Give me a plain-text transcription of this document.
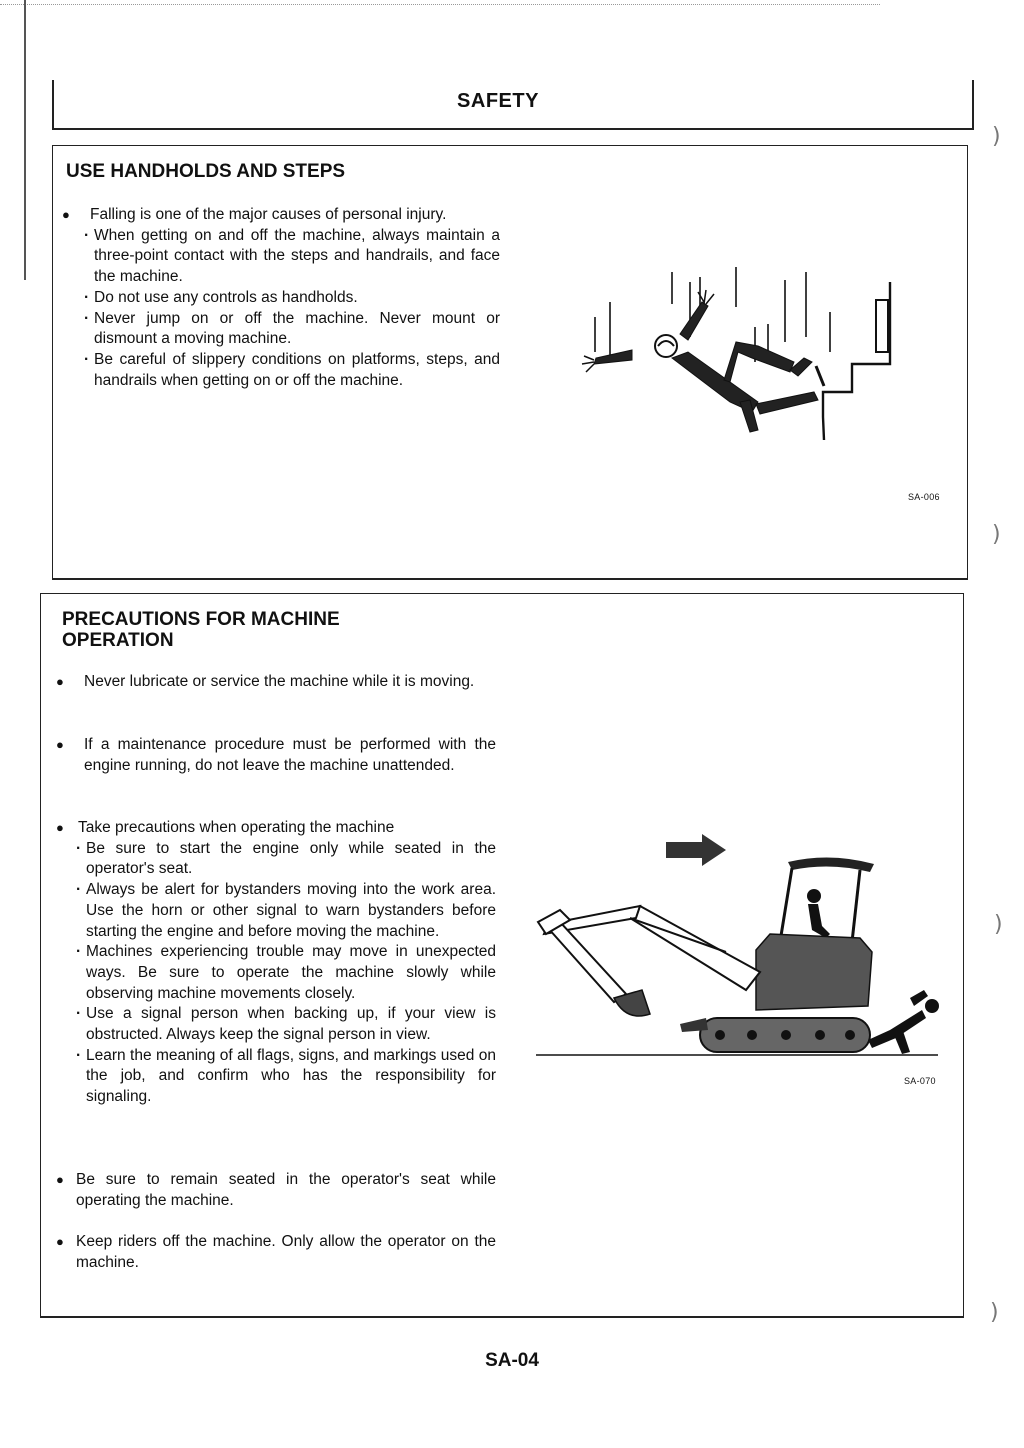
)
)
)
)
SAFETY
USE HANDHOLDS AND STEPS
● Falling is one of the major causes of personal injury.
· When getting on and off the machine, always maintain a three-point contact with the steps and handrails, and face the machine.
· Do not use any controls as handholds.
· Never jump on or off the machine. Never mount or dismount a moving machine.
· Be careful of slippery conditions on platforms, steps, and handrails when getting on or off the machine.
SA-006
PRECAUTIONS FOR MACHINE
OPERATION
● Never lubricate or service the machine while it is moving.
● If a maintenance procedure must be performed with the engine running, do not leave the machine unattended.
● Take precautions when operating the machine
· Be sure to start the engine only while seated in the operator's seat.
· Always be alert for bystanders moving into the work area. Use the horn or other signal to warn bystanders before starting the engine and before moving the machine.
· Machines experiencing trouble may move in unexpected ways. Be sure to operate the machine slowly while observing machine movements closely.
· Use a signal person when backing up, if your view is obstructed. Always keep the signal person in view.
· Learn the meaning of all flags, signs, and markings used on the job, and confirm who has the responsibility for signaling.
● Be sure to remain seated in the operator's seat while operating the machine.
● Keep riders off the machine. Only allow the operator on the machine.
SA-070
SA-04
